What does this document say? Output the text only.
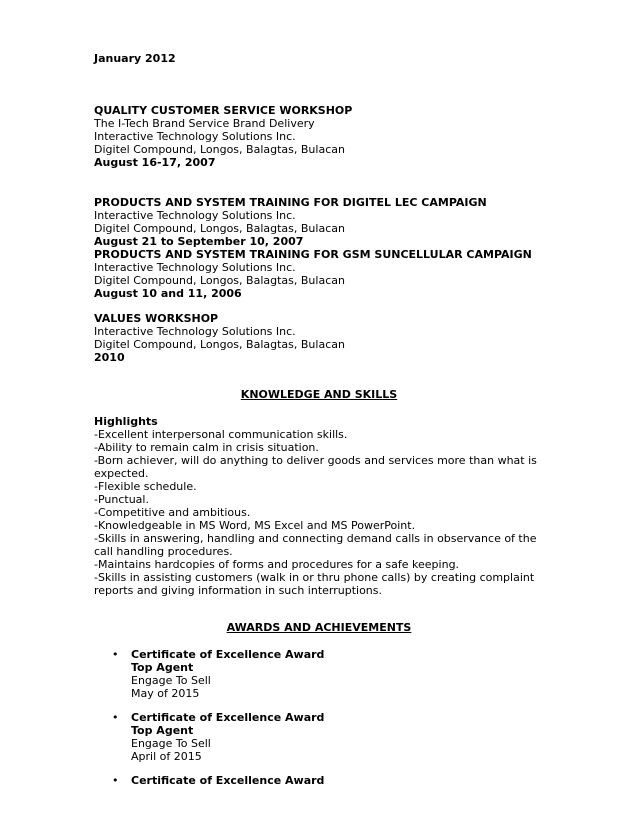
January 2012

QUALITY CUSTOMER SERVICE WORKSHOP

The I-Tech Brand Service Brand Delivery

Interactive Technology Solutions Inc.

Digitel Compound, Longos, Balagtas, Bulacan

August 16-17, 2007

PRODUCTS AND SYSTEM TRAINING FOR DIGITEL LEC CAMPAIGN

Interactive Technology Solutions Inc.

Digitel Compound, Longos, Balagtas, Bulacan

August 21 to September 10, 2007

PRODUCTS AND SYSTEM TRAINING FOR GSM SUNCELLULAR CAMPAIGN

Interactive Technology Solutions Inc.

Digitel Compound, Longos, Balagtas, Bulacan

August 10 and 11, 2006

VALUES WORKSHOP

Interactive Technology Solutions Inc.

Digitel Compound, Longos, Balagtas, Bulacan

2010

KNOWLEDGE AND SKILLS

Highlights

-Excellent interpersonal communication skills.

-Ability to remain calm in crisis situation.

-Born achiever, will do anything to deliver goods and services more than what is expected.

-Flexible schedule.

-Punctual.

-Competitive and ambitious.

-Knowledgeable in MS Word, MS Excel and MS PowerPoint.

-Skills in answering, handling and connecting demand calls in observance of the call handling procedures.

-Maintains hardcopies of forms and procedures for a safe keeping.

-Skills in assisting customers (walk in or thru phone calls) by creating complaint reports and giving information in such interruptions.

AWARDS AND ACHIEVEMENTS

• Certificate of Excellence Award

Top Agent

Engage To Sell

May of 2015

• Certificate of Excellence Award

Top Agent

Engage To Sell

April of 2015

• Certificate of Excellence Award
